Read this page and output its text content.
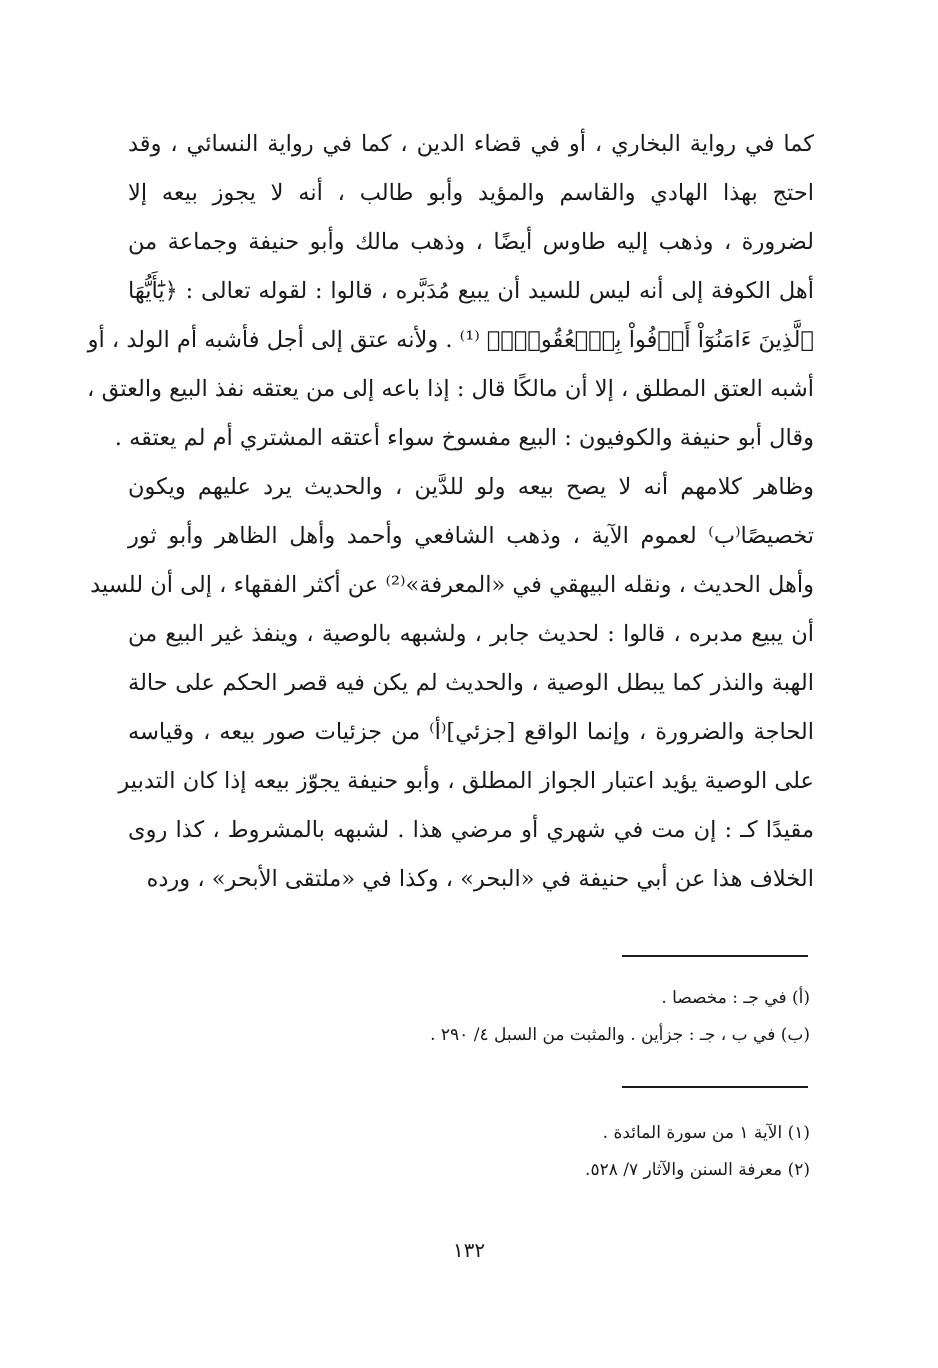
كما في رواية البخاري ، أو في قضاء الدين ، كما في رواية النسائي ، وقد
احتج بهذا الهادي والقاسم والمؤيد وأبو طالب ، أنه لا يجوز بيعه إلا
لضرورة ، وذهب إليه طاوس أيضًا ، وذهب مالك وأبو حنيفة وجماعة من
أهل الكوفة إلى أنه ليس للسيد أن يبيع مُدَبَّره ، قالوا : لقوله تعالى : ﴿يَٰٓأَيُّهَا
ٱلَّذِينَ ءَامَنُوٓاْ أَوۡفُواْ بِٱلۡعُقُودِۚ﴾ ⁽¹⁾ . ولأنه عتق إلى أجل فأشبه أم الولد ، أو
أشبه العتق المطلق ، إلا أن مالكًا قال : إذا باعه إلى من يعتقه نفذ البيع والعتق ،
وقال أبو حنيفة والكوفيون : البيع مفسوخ سواء أعتقه المشتري أم لم يعتقه .
وظاهر كلامهم أنه لا يصح بيعه ولو للدَّين ، والحديث يرد عليهم ويكون
تخصيصًا⁽ب⁾ لعموم الآية ، وذهب الشافعي وأحمد وأهل الظاهر وأبو ثور
وأهل الحديث ، ونقله البيهقي في «المعرفة»⁽²⁾ عن أكثر الفقهاء ، إلى أن للسيد
أن يبيع مدبره ، قالوا : لحديث جابر ، ولشبهه بالوصية ، وينفذ غير البيع من
الهبة والنذر كما يبطل الوصية ، والحديث لم يكن فيه قصر الحكم على حالة
الحاجة والضرورة ، وإنما الواقع [جزئي]⁽أ⁾ من جزئيات صور بيعه ، وقياسه
على الوصية يؤيد اعتبار الجواز المطلق ، وأبو حنيفة يجوّز بيعه إذا كان التدبير
مقيدًا كـ : إن مت في شهري أو مرضي هذا . لشبهه بالمشروط ، كذا روى
الخلاف هذا عن أبي حنيفة في «البحر» ، وكذا في «ملتقى الأبحر» ، ورده
(أ) في جـ : مخصصا .
(ب) في ب ، جـ : جزأين . والمثبت من السبل ٤/ ٢٩٠ .
(١) الآية ١ من سورة المائدة .
(٢) معرفة السنن والآثار ٧/ ٥٢٨.
١٣٢
